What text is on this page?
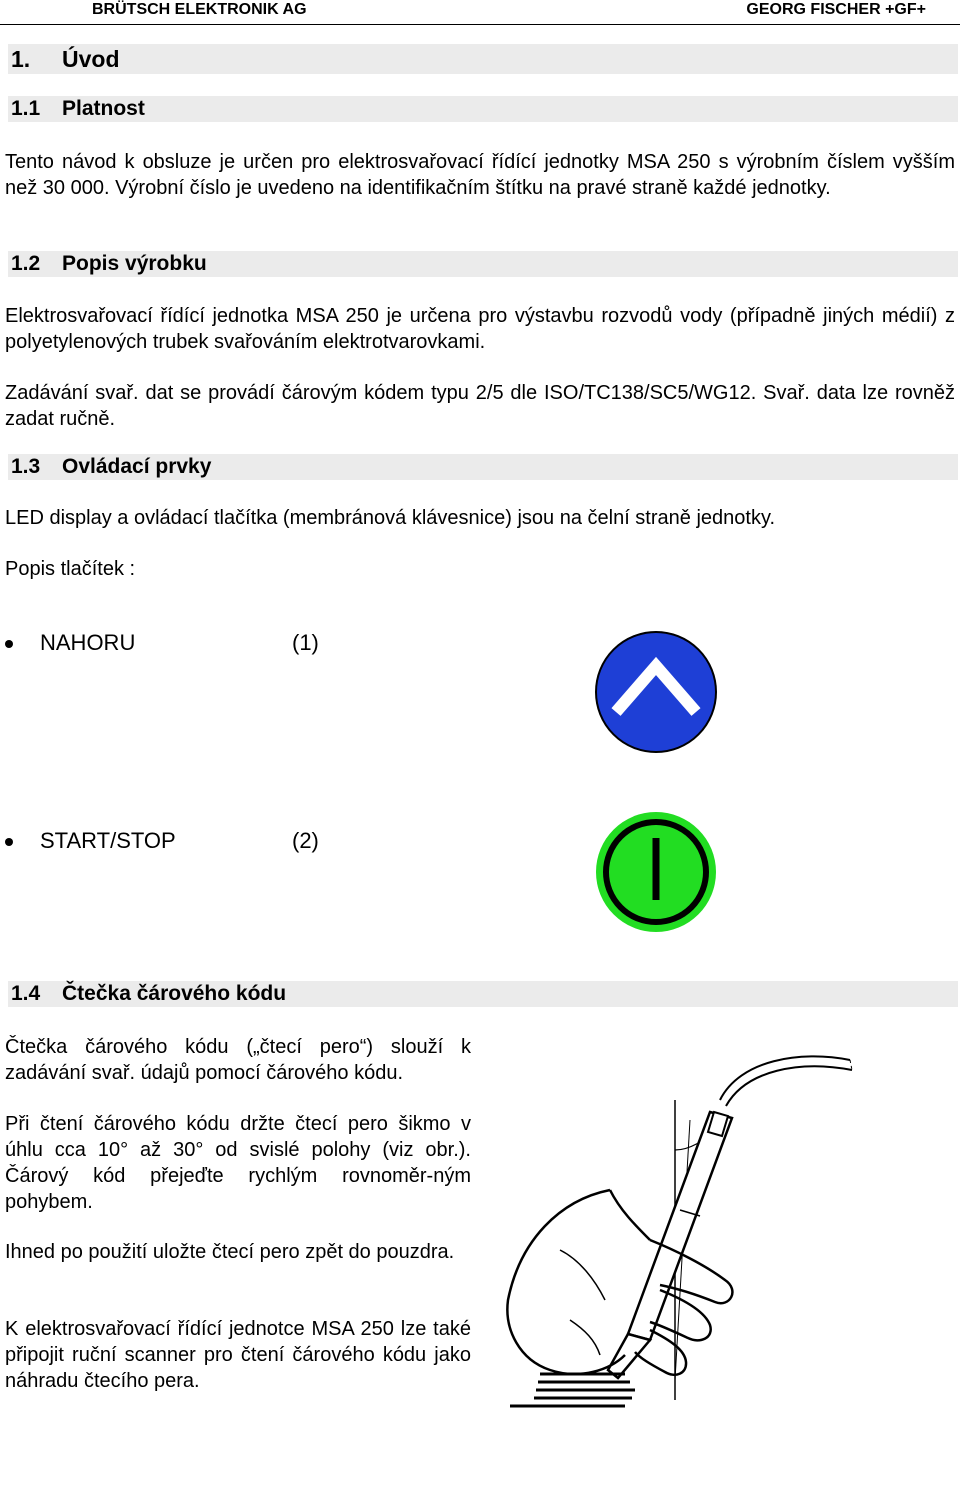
BRÜTSCH ELEKTRONIK AG	GEORG FISCHER +GF+
1. Úvod
1.1 Platnost

Tento návod k obsluze je určen pro elektrosvařovací řídící jednotky MSA 250 s výrobním číslem vyšším než 30 000. Výrobní číslo je uvedeno na identifikačním štítku na pravé straně každé jednotky.

1.2 Popis výrobku

Elektrosvařovací řídící jednotka MSA 250 je určena pro výstavbu rozvodů vody (případně jiných médií) z polyetylenových trubek svařováním elektrotvarovkami.

Zadávání svař. dat se provádí čárovým kódem typu 2/5 dle ISO/TC138/SC5/WG12. Svař. data lze rovněž zadat ručně.

1.3 Ovládací prvky

LED display a ovládací tlačítka (membránová klávesnice) jsou na čelní straně jednotky.

Popis tlačítek :

NAHORU	(1)
START/STOP	(2)
1.4 Čtečka čárového kódu

Čtečka čárového kódu („čtecí pero“) slouží k zadávání svař. údajů pomocí čárového kódu.

Při čtení čárového kódu držte čtecí pero šikmo v úhlu cca 10° až 30° od svislé polohy (viz obr.). Čárový kód přejeďte rychlým rovnoměr-ným pohybem.

Ihned po použití uložte čtecí pero zpět do pouzdra.

K elektrosvařovací řídící jednotce MSA 250 lze také připojit ruční scanner pro čtení čárového kódu jako náhradu čtecího pera.
